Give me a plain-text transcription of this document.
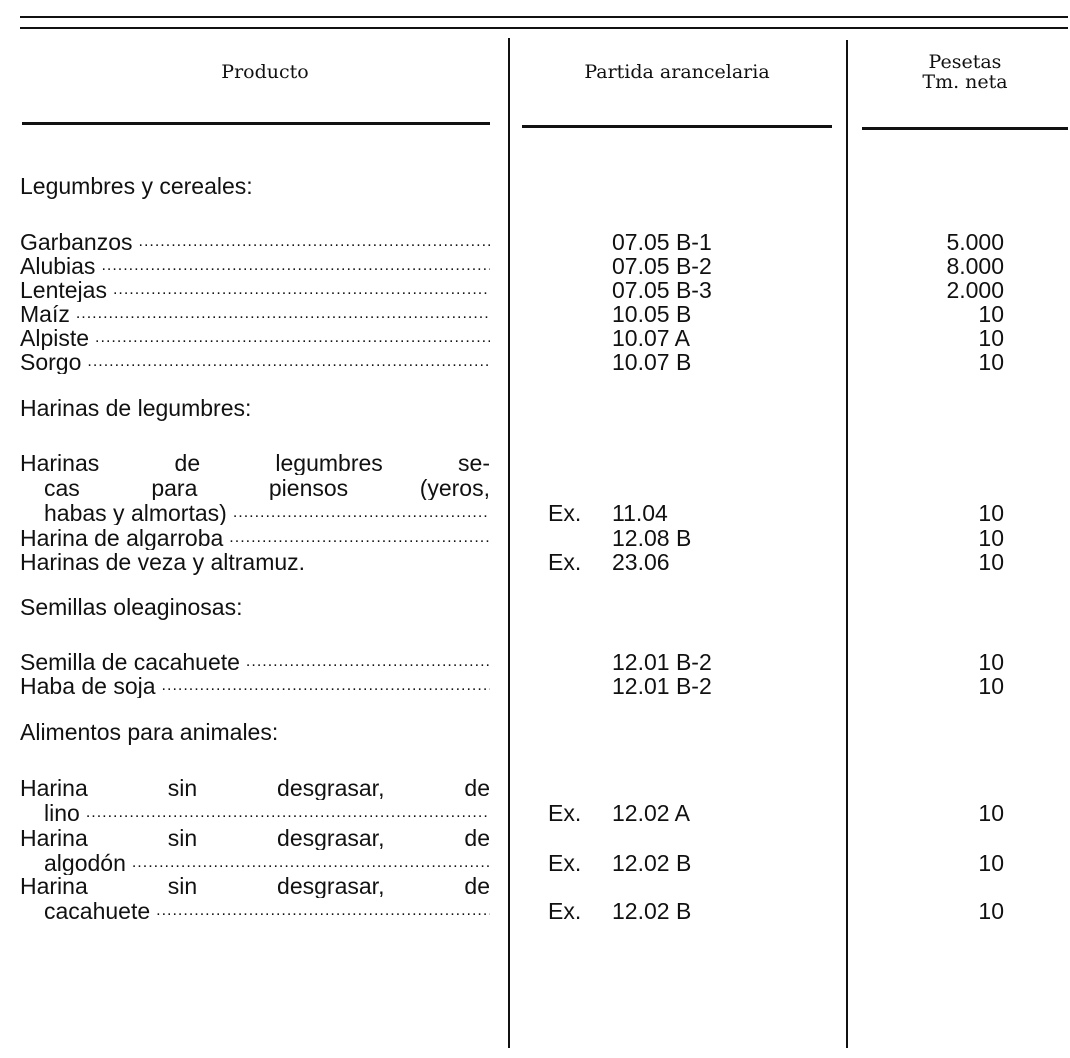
Producto	Partida arancelaria	Pesetas
Tm. neta
Legumbres y cereales:
Garbanzos .....	07.05 B-1	5.000
Alubias .....	07.05 B-2	8.000
Lentejas .....	07.05 B-3	2.000
Maíz .....	10.05 B	10
Alpiste .....	10.07 A	10
Sorgo .....	10.07 B	10
Harinas de legumbres:
Harinas de legumbres se-
cas para piensos (yeros,
habas y almortas) .....	Ex. 11.04	10
Harina de algarroba .....	12.08 B	10
Harinas de veza y altramuz.	Ex. 23.06	10
Semillas oleaginosas:
Semilla de cacahuete .....	12.01 B-2	10
Haba de soja .....	12.01 B-2	10
Alimentos para animales:
Harina sin desgrasar, de
lino .....	Ex. 12.02 A	10
Harina sin desgrasar, de
algodón .....	Ex. 12.02 B	10
Harina sin desgrasar, de
cacahuete .....	Ex. 12.02 B	10
